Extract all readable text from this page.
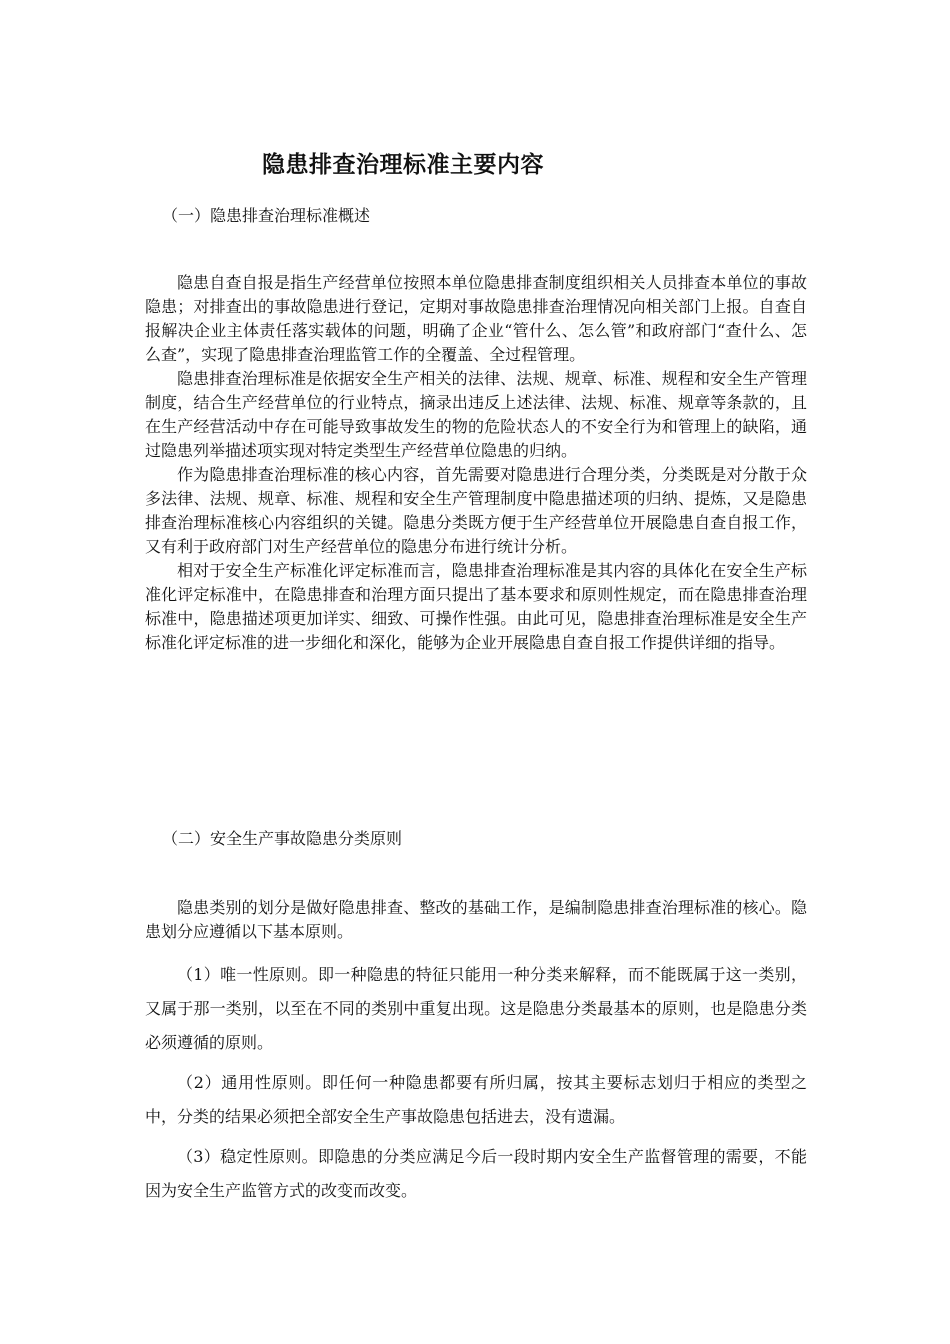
隐患排查治理标准主要内容
（一）隐患排查治理标准概述

隐患自查自报是指生产经营单位按照本单位隐患排查制度组织相关人员排查本单位的事故隐患；对排查出的事故隐患进行登记，定期对事故隐患排查治理情况向相关部门上报。自查自报解决企业主体责任落实载体的问题，明确了企业“管什么、怎么管”和政府部门“查什么、怎么查”，实现了隐患排查治理监管工作的全覆盖、全过程管理。

隐患排查治理标准是依据安全生产相关的法律、法规、规章、标准、规程和安全生产管理制度，结合生产经营单位的行业特点，摘录出违反上述法律、法规、标准、规章等条款的，且在生产经营活动中存在可能导致事故发生的物的危险状态人的不安全行为和管理上的缺陷，通过隐患列举描述项实现对特定类型生产经营单位隐患的归纳。

作为隐患排查治理标准的核心内容，首先需要对隐患进行合理分类，分类既是对分散于众多法律、法规、规章、标准、规程和安全生产管理制度中隐患描述项的归纳、提炼，又是隐患排查治理标准核心内容组织的关键。隐患分类既方便于生产经营单位开展隐患自查自报工作，又有利于政府部门对生产经营单位的隐患分布进行统计分析。

相对于安全生产标准化评定标准而言，隐患排查治理标准是其内容的具体化在安全生产标准化评定标准中，在隐患排查和治理方面只提出了基本要求和原则性规定，而在隐患排查治理标准中，隐患描述项更加详实、细致、可操作性强。由此可见，隐患排查治理标准是安全生产标准化评定标准的进一步细化和深化，能够为企业开展隐患自查自报工作提供详细的指导。

（二）安全生产事故隐患分类原则

隐患类别的划分是做好隐患排查、整改的基础工作，是编制隐患排查治理标准的核心。隐患划分应遵循以下基本原则。

（1）唯一性原则。即一种隐患的特征只能用一种分类来解释，而不能既属于这一类别，又属于那一类别，以至在不同的类别中重复出现。这是隐患分类最基本的原则，也是隐患分类必须遵循的原则。

（2）通用性原则。即任何一种隐患都要有所归属，按其主要标志划归于相应的类型之中，分类的结果必须把全部安全生产事故隐患包括进去，没有遗漏。

（3）稳定性原则。即隐患的分类应满足今后一段时期内安全生产监督管理的需要，不能因为安全生产监管方式的改变而改变。
